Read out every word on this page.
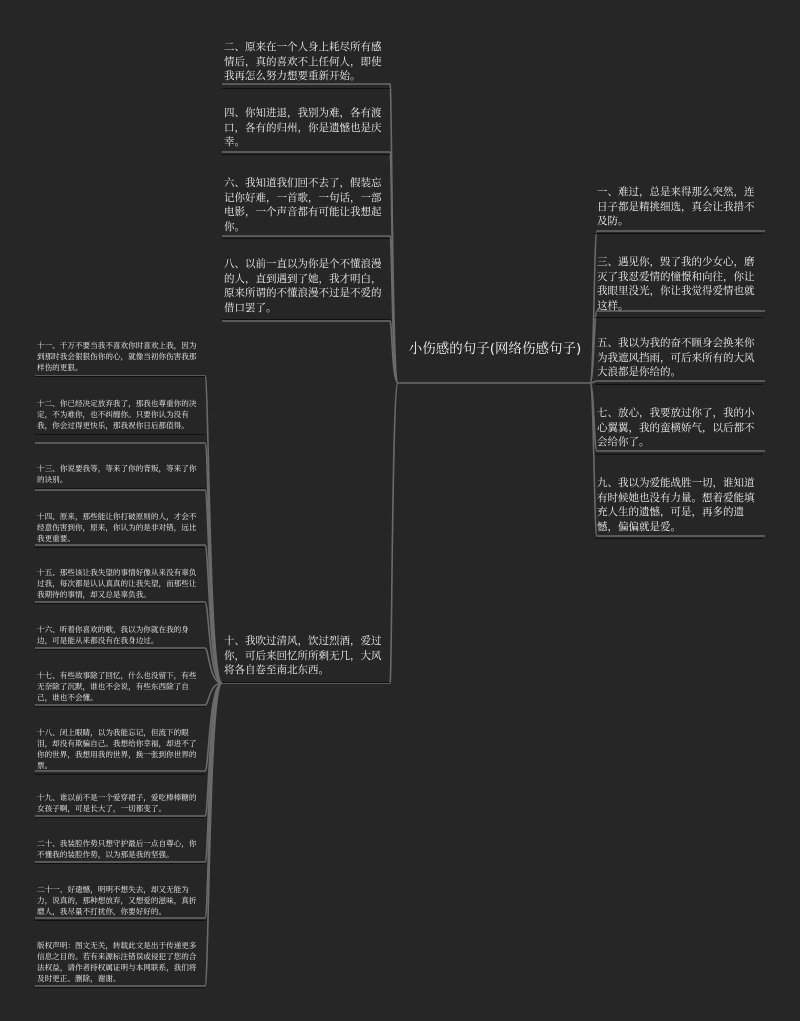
小伤感的句子(网络伤感句子)
二、原来在一个人身上耗尽所有感情后，真的喜欢不上任何人，即使我再怎么努力想要重新开始。
四、你知进退，我别为难，各有渡口，各有的归州，你是遗憾也是庆幸。
六、我知道我们回不去了，假装忘记你好难，一首歌，一句话，一部电影，一个声音都有可能让我想起你。
八、以前一直以为你是个不懂浪漫的人，直到遇到了她，我才明白，原来所谓的不懂浪漫不过是不爱的借口罢了。
十、我吹过清风，饮过烈酒，爱过你，可后来回忆所所剩无几，大风将各自卷至南北东西。
一、难过，总是来得那么突然，连日子都是精挑细选，真会让我措不及防。
三、遇见你，毁了我的少女心，磨灭了我怼爱情的憧憬和向往，你让我眼里没光，你让我觉得爱情也就这样。
五、我以为我的奋不顾身会换来你为我遮风挡雨，可后来所有的大风大浪都是你给的。
七、放心，我要放过你了，我的小心翼翼，我的蛮横娇气，以后都不会给你了。
九、我以为爱能战胜一切，谁知道有时候她也没有力量。想着爱能填充人生的遗憾，可是，再多的遗憾，偏偏就是爱。
十一、千万不要当我不喜欢你时喜欢上我，因为到那时我会狠狠伤你的心，就像当初你伤害我那样伤的更狠。
十二、你已经决定放弃我了，那我也尊重你的决定，不为难你，也不纠缠你。只要你认为没有我，你会过得更快乐，那我祝你日后都值得。
十三、你说要我等，等来了你的背叛，等来了你的诀别。
十四、原来，那些能让你打破原则的人，才会不经意伤害到你，原来，你认为的是非对错，远比我更重要。
十五、那些该让我失望的事情好像从来没有辜负过我，每次都是认认真真的让我失望，而那些让我期待的事情，却又总是辜负我。
十六、听着你喜欢的歌，我以为你就在我的身边，可是能从来都没有在我身边过。
十七、有些故事除了回忆，什么也没留下，有些无奈除了沉默，谁也不会说，有些东西除了自己，谁也不会懂。
十八、闭上眼睛，以为我能忘记，但流下的眼泪，却没有欺骗自己。我想给你幸福，却进不了你的世界，我想用我的世界，换一张到你世界的票。
十九、谁以前不是一个爱穿裙子，爱吃棒棒糖的女孩子啊，可是长大了，一切都变了。
二十、我装腔作势只想守护最后一点自尊心，你不懂我的装腔作势，以为那是我的坚强。
二十一、好遗憾，明明不想失去，却又无能为力，说真的，那种想放弃，又想爱的滋味，真折磨人，我尽量不打扰你，你要好好的。
版权声明：图文无关，转载此文是出于传递更多信息之目的。若有来源标注错误或侵犯了您的合法权益，请作者持权属证明与本网联系，我们将及时更正、删除，谢谢。
